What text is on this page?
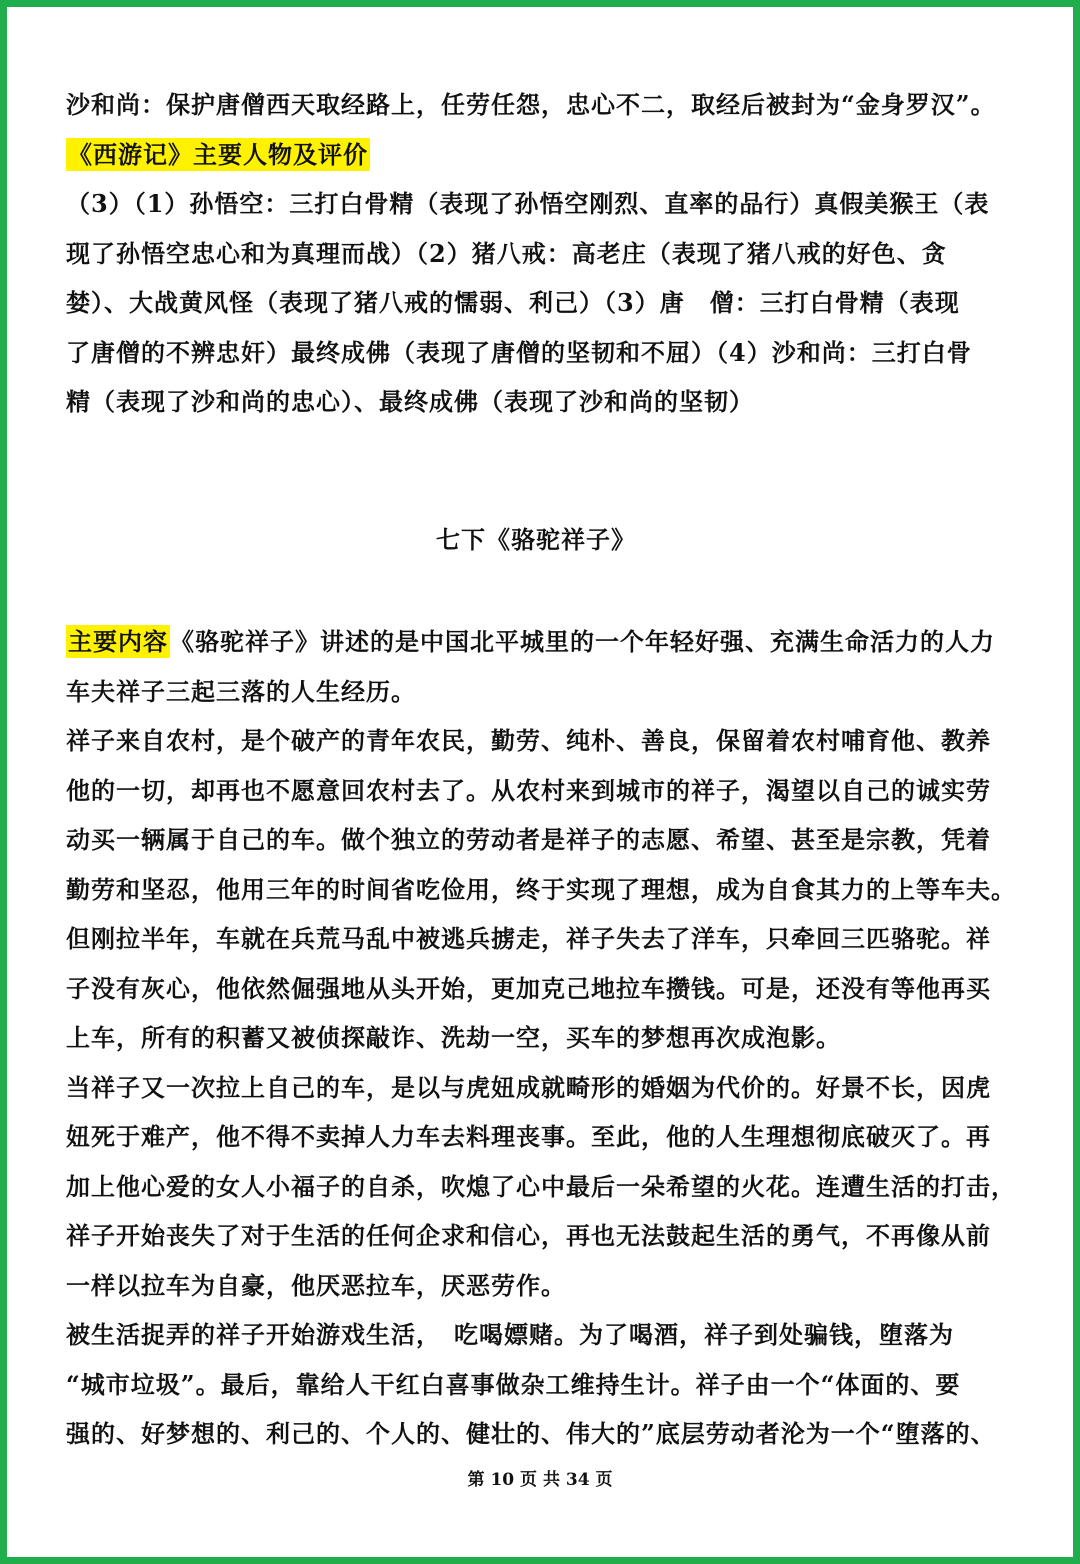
沙和尚：保护唐僧西天取经路上，任劳任怨，忠心不二，取经后被封为“金身罗汉”。
《西游记》主要人物及评价
（3）（1）孙悟空：三打白骨精（表现了孙悟空刚烈、直率的品行）真假美猴王（表
现了孙悟空忠心和为真理而战）（2）猪八戒：高老庄（表现了猪八戒的好色、贪
婪）、大战黄风怪（表现了猪八戒的懦弱、利己）（3）唐　僧：三打白骨精（表现
了唐僧的不辨忠奸）最终成佛（表现了唐僧的坚韧和不屈）（4）沙和尚：三打白骨
精（表现了沙和尚的忠心）、最终成佛（表现了沙和尚的坚韧）
七下《骆驼祥子》
主要内容《骆驼祥子》讲述的是中国北平城里的一个年轻好强、充满生命活力的人力
车夫祥子三起三落的人生经历。
祥子来自农村，是个破产的青年农民，勤劳、纯朴、善良，保留着农村哺育他、教养
他的一切，却再也不愿意回农村去了。从农村来到城市的祥子，渴望以自己的诚实劳
动买一辆属于自己的车。做个独立的劳动者是祥子的志愿、希望、甚至是宗教，凭着
勤劳和坚忍，他用三年的时间省吃俭用，终于实现了理想，成为自食其力的上等车夫。
但刚拉半年，车就在兵荒马乱中被逃兵掳走，祥子失去了洋车，只牵回三匹骆驼。祥
子没有灰心，他依然倔强地从头开始，更加克己地拉车攒钱。可是，还没有等他再买
上车，所有的积蓄又被侦探敲诈、洗劫一空，买车的梦想再次成泡影。
当祥子又一次拉上自己的车，是以与虎妞成就畸形的婚姻为代价的。好景不长，因虎
妞死于难产，他不得不卖掉人力车去料理丧事。至此，他的人生理想彻底破灭了。再
加上他心爱的女人小福子的自杀，吹熄了心中最后一朵希望的火花。连遭生活的打击，
祥子开始丧失了对于生活的任何企求和信心，再也无法鼓起生活的勇气，不再像从前
一样以拉车为自豪，他厌恶拉车，厌恶劳作。
被生活捉弄的祥子开始游戏生活，　吃喝嫖赌。为了喝酒，祥子到处骗钱，堕落为
“城市垃圾”。最后，靠给人干红白喜事做杂工维持生计。祥子由一个“体面的、要
强的、好梦想的、利己的、个人的、健壮的、伟大的”底层劳动者沦为一个“堕落的、
第 10 页 共 34 页
